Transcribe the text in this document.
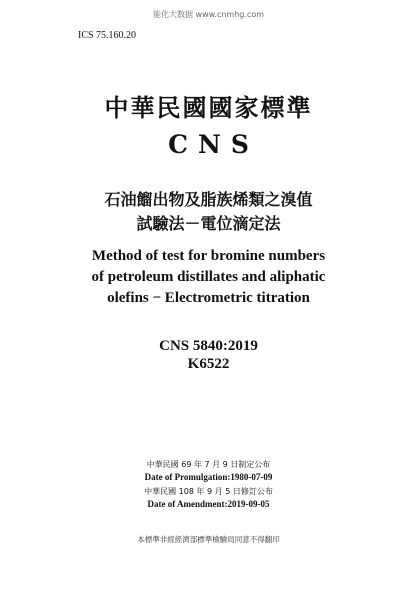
能化大数据 www.cnmhg.com
ICS 75.160.20
中華民國國家標準
CNS
石油餾出物及脂族烯類之溴值
試驗法－電位滴定法
Method of test for bromine numbers
of petroleum distillates and aliphatic
olefins − Electrometric titration
CNS 5840:2019
K6522
中華民國 69 年 7 月 9 日制定公布
Date of Promulgation:1980-07-09
中華民國 108 年 9 月 5 日修訂公布
Date of Amendment:2019-09-05
本標準非經經濟部標準檢驗局同意不得翻印
